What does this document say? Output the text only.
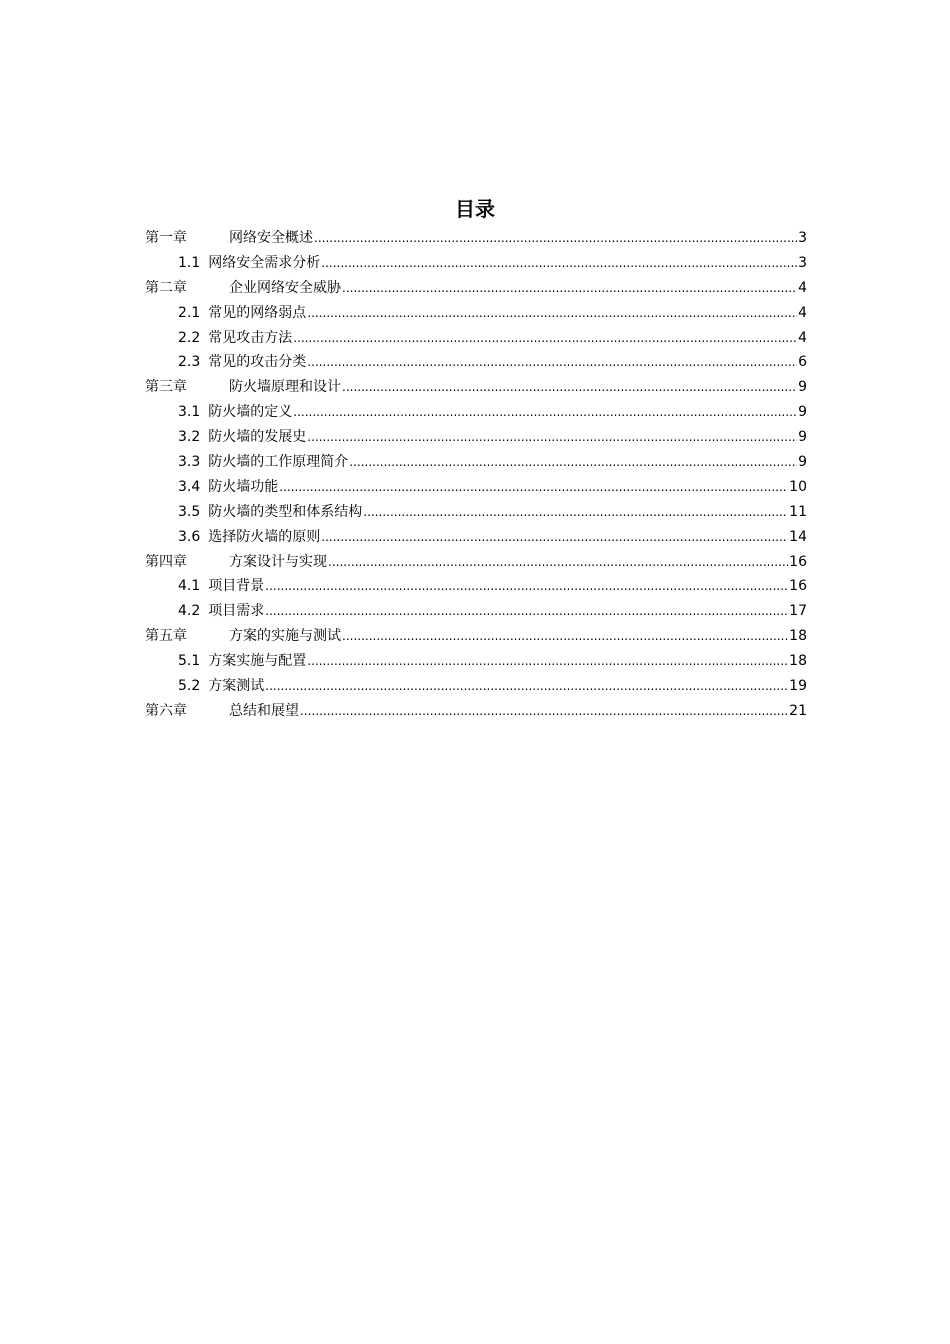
目录
第一章	网络安全概述 .....	3
1.1 网络安全需求分析 .....	3
第二章	企业网络安全威胁 .....	4
2.1 常见的网络弱点 .....	4
2.2 常见攻击方法 .....	4
2.3 常见的攻击分类 .....	6
第三章	防火墙原理和设计 .....	9
3.1 防火墙的定义 .....	9
3.2 防火墙的发展史 .....	9
3.3 防火墙的工作原理简介 .....	9
3.4 防火墙功能 .....	10
3.5 防火墙的类型和体系结构 .....	11
3.6 选择防火墙的原则 .....	14
第四章	方案设计与实现 .....	16
4.1 项目背景 .....	16
4.2 项目需求 .....	17
第五章	方案的实施与测试 .....	18
5.1 方案实施与配置 .....	18
5.2 方案测试 .....	19
第六章	总结和展望 .....	21
